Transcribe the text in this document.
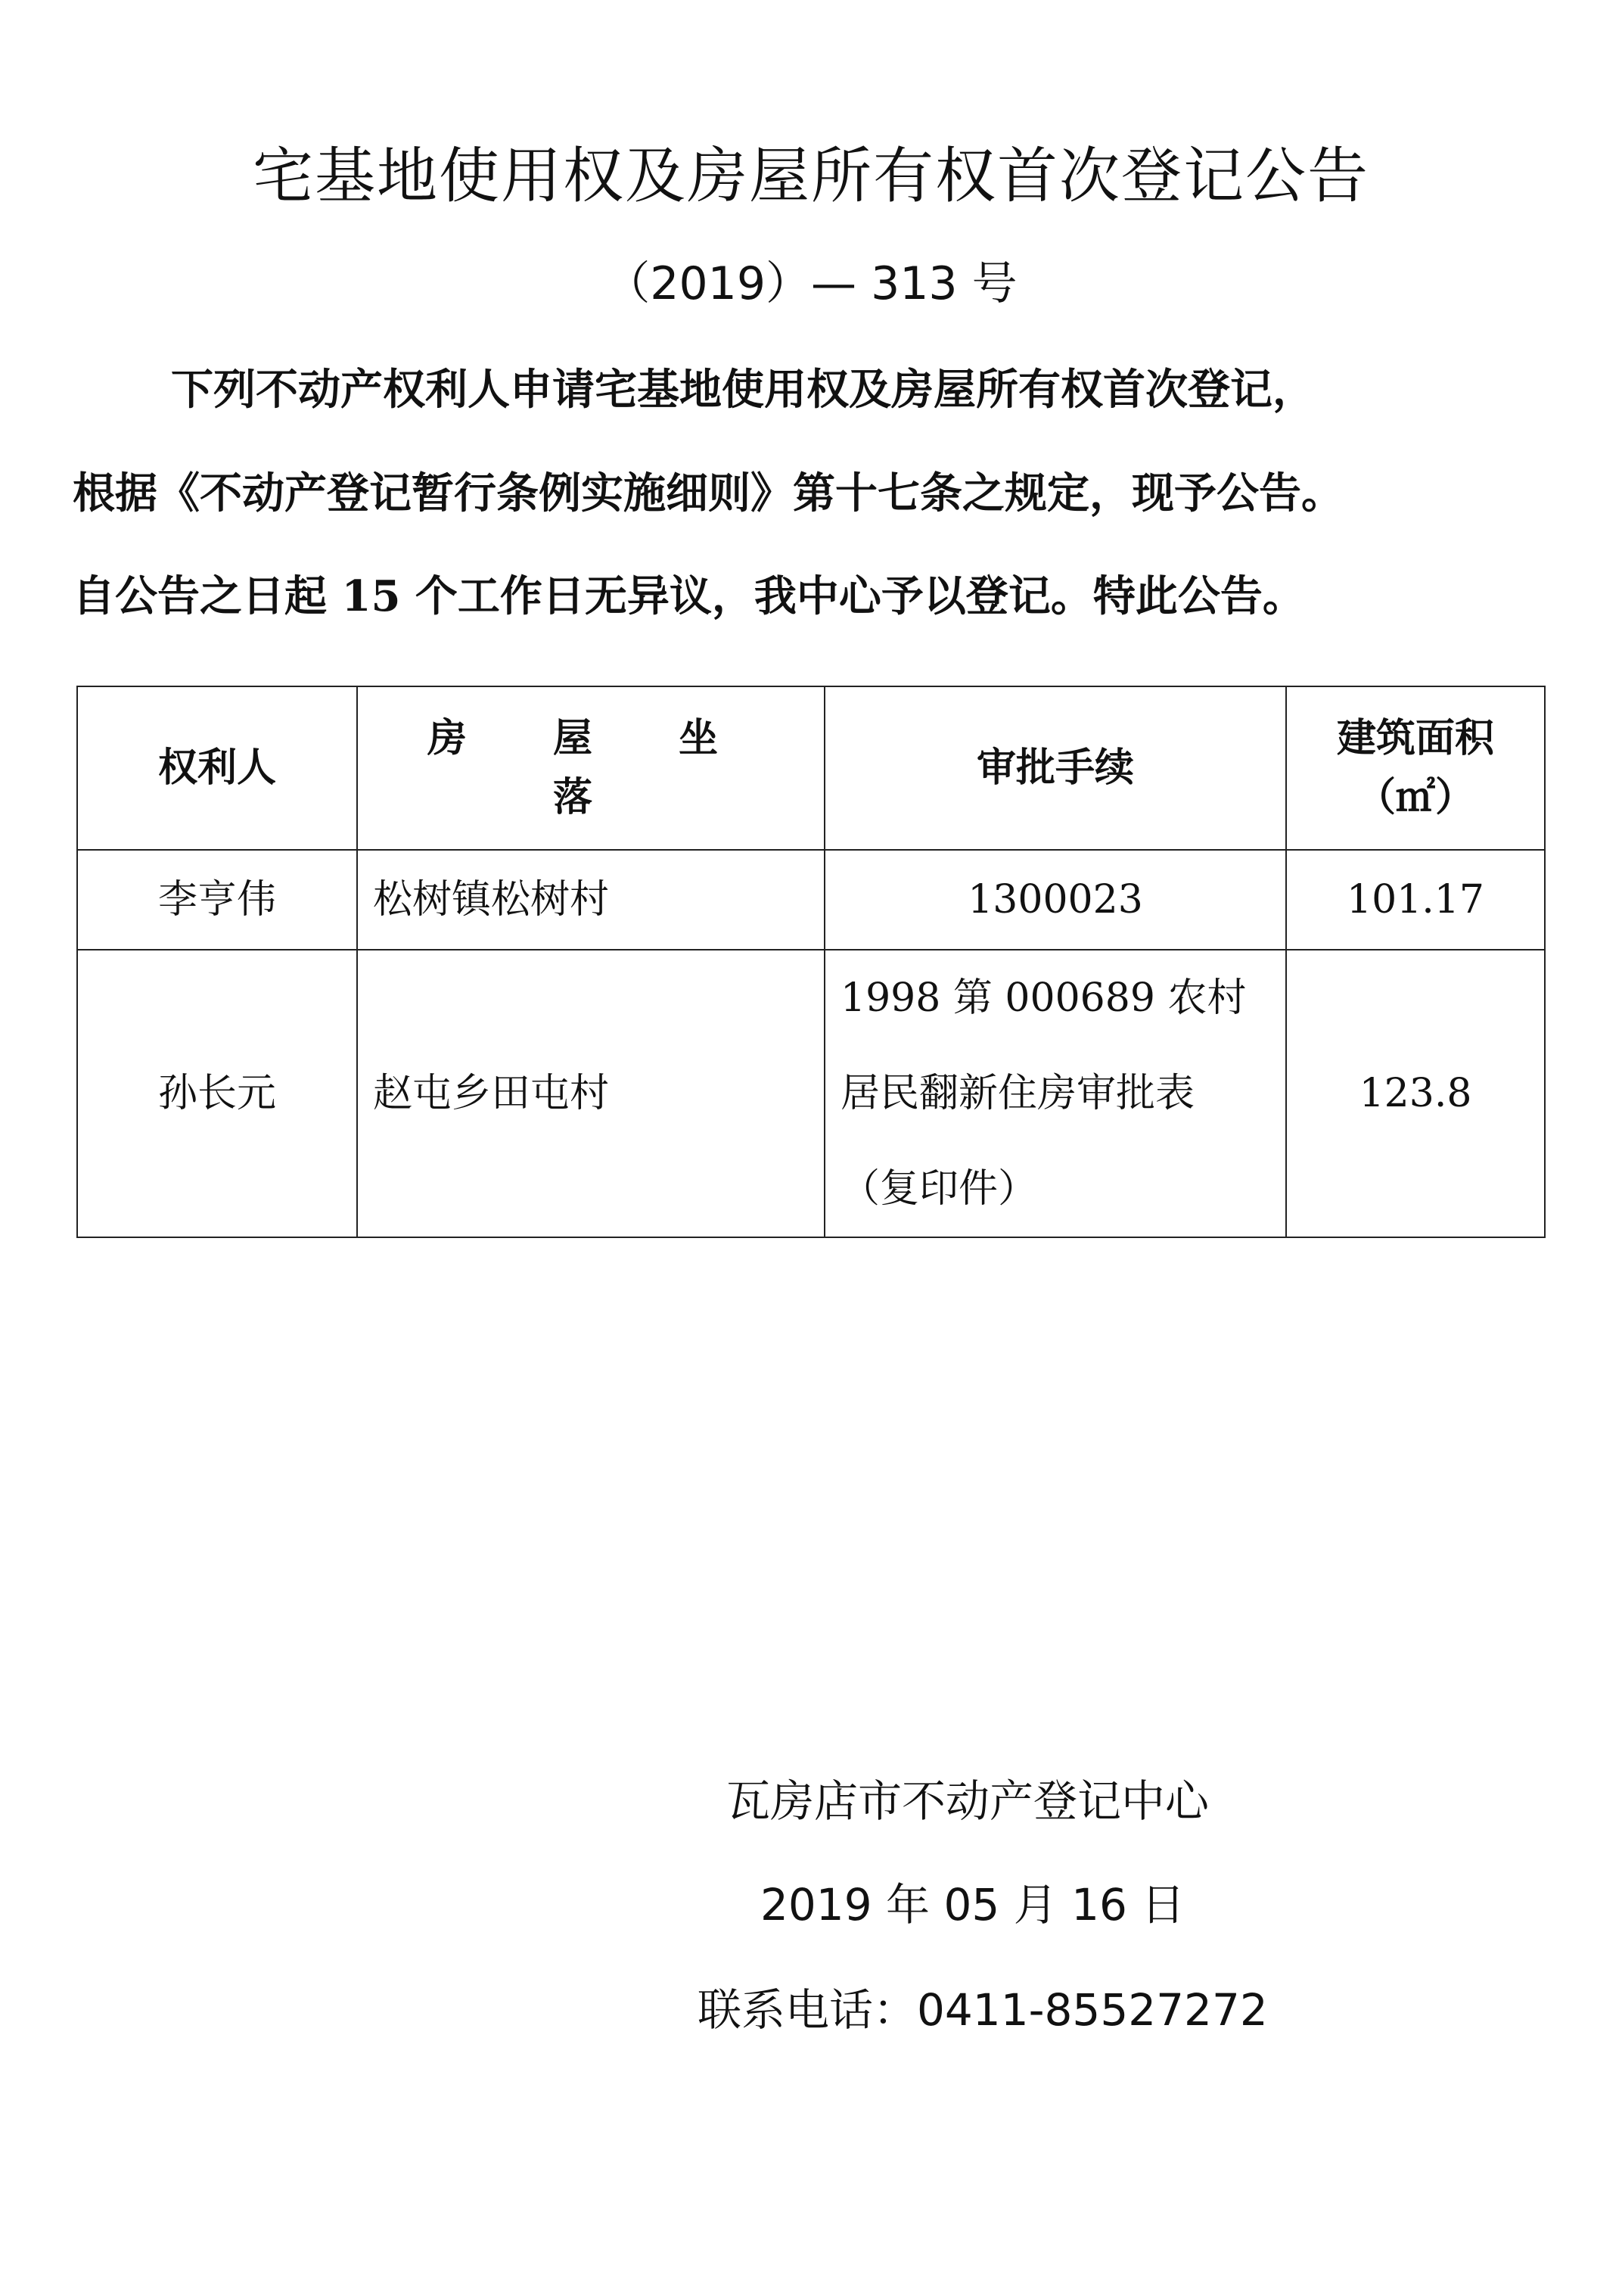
宅基地使用权及房屋所有权首次登记公告
（2019）— 313 号
下列不动产权利人申请宅基地使用权及房屋所有权首次登记，
根据《不动产登记暂行条例实施细则》第十七条之规定，现予公告。
自公告之日起 15 个工作日无异议，我中心予以登记。特此公告。
权利人	房 屋 坐 落	审批手续	建筑面积
（㎡）

李亨伟	松树镇松树村	1300023	101.17
孙长元	赵屯乡田屯村	1998 第 000689 农村居民翻新住房审批表（复印件）	123.8
瓦房店市不动产登记中心
2019 年 05 月 16 日
联系电话：0411-85527272
